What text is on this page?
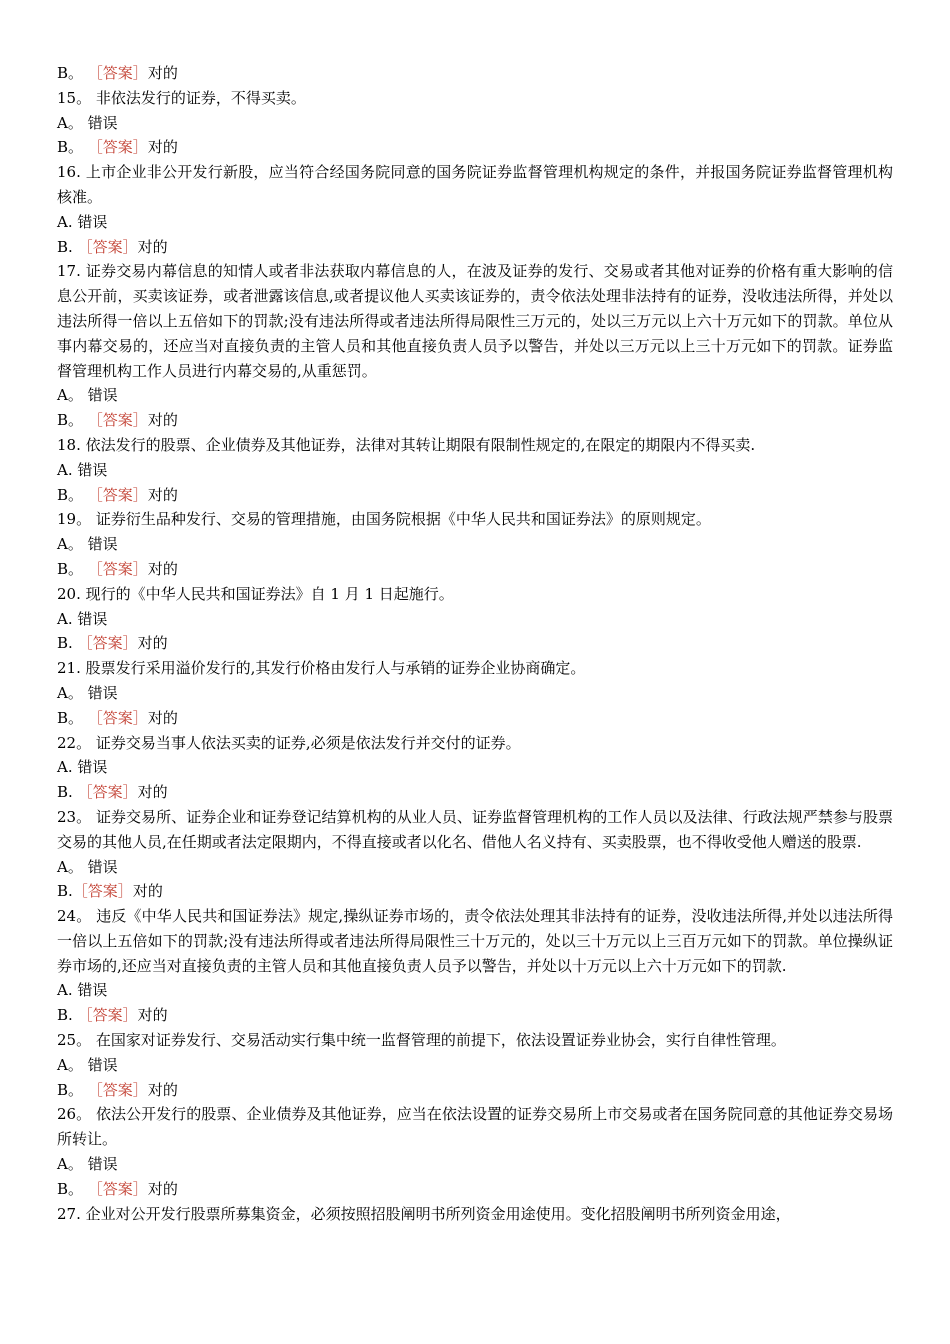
B。 ［答案］对的
15。 非依法发行的证券，不得买卖。
A。 错误
B。 ［答案］对的
16. 上市企业非公开发行新股，应当符合经国务院同意的国务院证券监督管理机构规定的条件，并报国务院证券监督管理机构核准。
A. 错误
B. ［答案］对的
17. 证券交易内幕信息的知情人或者非法获取内幕信息的人，在波及证券的发行、交易或者其他对证券的价格有重大影响的信息公开前，买卖该证券，或者泄露该信息,或者提议他人买卖该证券的，责令依法处理非法持有的证券，没收违法所得，并处以违法所得一倍以上五倍如下的罚款;没有违法所得或者违法所得局限性三万元的，处以三万元以上六十万元如下的罚款。单位从事内幕交易的，还应当对直接负责的主管人员和其他直接负责人员予以警告，并处以三万元以上三十万元如下的罚款。证券监督管理机构工作人员进行内幕交易的,从重惩罚。
A。 错误
B。 ［答案］对的
18. 依法发行的股票、企业债券及其他证券，法律对其转让期限有限制性规定的,在限定的期限内不得买卖.
A. 错误
B。 ［答案］对的
19。 证券衍生品种发行、交易的管理措施，由国务院根据《中华人民共和国证券法》的原则规定。
A。 错误
B。 ［答案］对的
20. 现行的《中华人民共和国证券法》自 1 月 1 日起施行。
A. 错误
B. ［答案］对的
21. 股票发行采用溢价发行的,其发行价格由发行人与承销的证券企业协商确定。
A。 错误
B。 ［答案］对的
22。 证券交易当事人依法买卖的证券,必须是依法发行并交付的证券。
A. 错误
B. ［答案］对的
23。 证券交易所、证券企业和证券登记结算机构的从业人员、证券监督管理机构的工作人员以及法律、行政法规严禁参与股票交易的其他人员,在任期或者法定限期内，不得直接或者以化名、借他人名义持有、买卖股票，也不得收受他人赠送的股票.
A。 错误
B.［答案］对的
24。 违反《中华人民共和国证券法》规定,操纵证券市场的，责令依法处理其非法持有的证券，没收违法所得,并处以违法所得一倍以上五倍如下的罚款;没有违法所得或者违法所得局限性三十万元的，处以三十万元以上三百万元如下的罚款。单位操纵证券市场的,还应当对直接负责的主管人员和其他直接负责人员予以警告，并处以十万元以上六十万元如下的罚款.
A. 错误
B. ［答案］对的
25。 在国家对证券发行、交易活动实行集中统一监督管理的前提下，依法设置证券业协会，实行自律性管理。
A。 错误
B。 ［答案］对的
26。 依法公开发行的股票、企业债券及其他证券，应当在依法设置的证券交易所上市交易或者在国务院同意的其他证券交易场所转让。
A。 错误
B。 ［答案］对的
27. 企业对公开发行股票所募集资金，必须按照招股阐明书所列资金用途使用。变化招股阐明书所列资金用途，
